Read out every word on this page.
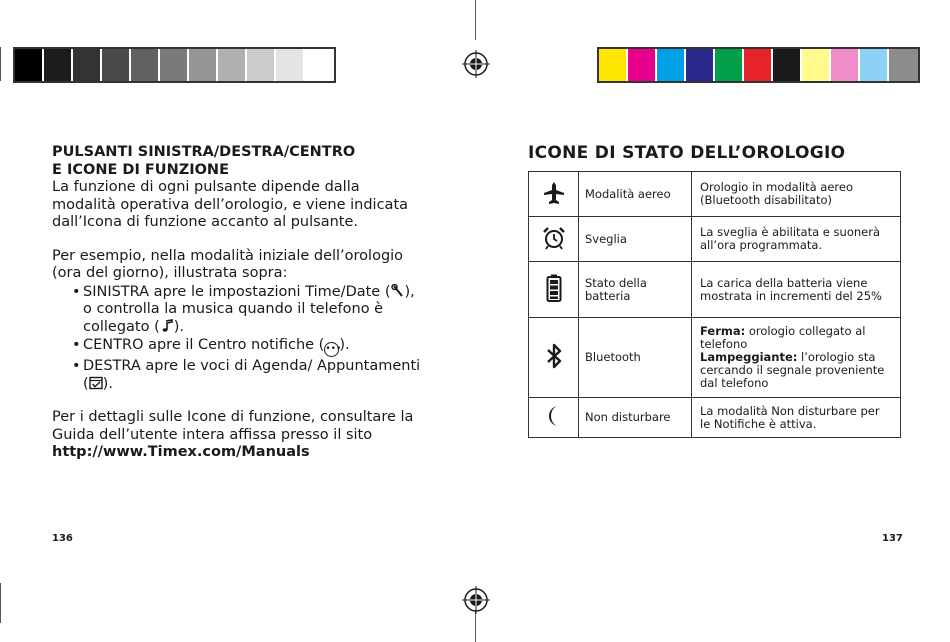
PULSANTI SINISTRA/DESTRA/CENTRO
E ICONE DI FUNZIONE

La funzione di ogni pulsante dipende dalla modalità operativa dell’orologio, e viene indicata dall’Icona di funzione accanto al pulsante.

Per esempio, nella modalità iniziale dell’orologio (ora del giorno), illustrata sopra:

• SINISTRA apre le impostazioni Time/Date ( ), o controlla la musica quando il telefono è collegato ( ).
• CENTRO apre il Centro notifiche (•••).
• DESTRA apre le voci di Agenda/ Appuntamenti ( ).

Per i dettagli sulle Icone di funzione, consultare la Guida dell’utente intera affissa presso il sito
http://www.Timex.com/Manuals

ICONE DI STATO DELL’OROLOGIO
	Modalità aereo	Orologio in modalità aereo (Bluetooth disabilitato)
	Sveglia	La sveglia è abilitata e suonerà all’ora programmata.
	Stato della batteria	La carica della batteria viene mostrata in incrementi del 25%
	Bluetooth	Ferma: orologio collegato al telefono
Lampeggiante: l’orologio sta cercando il segnale proveniente dal telefono
	Non disturbare	La modalità Non disturbare per le Notifiche è attiva.
136	137
